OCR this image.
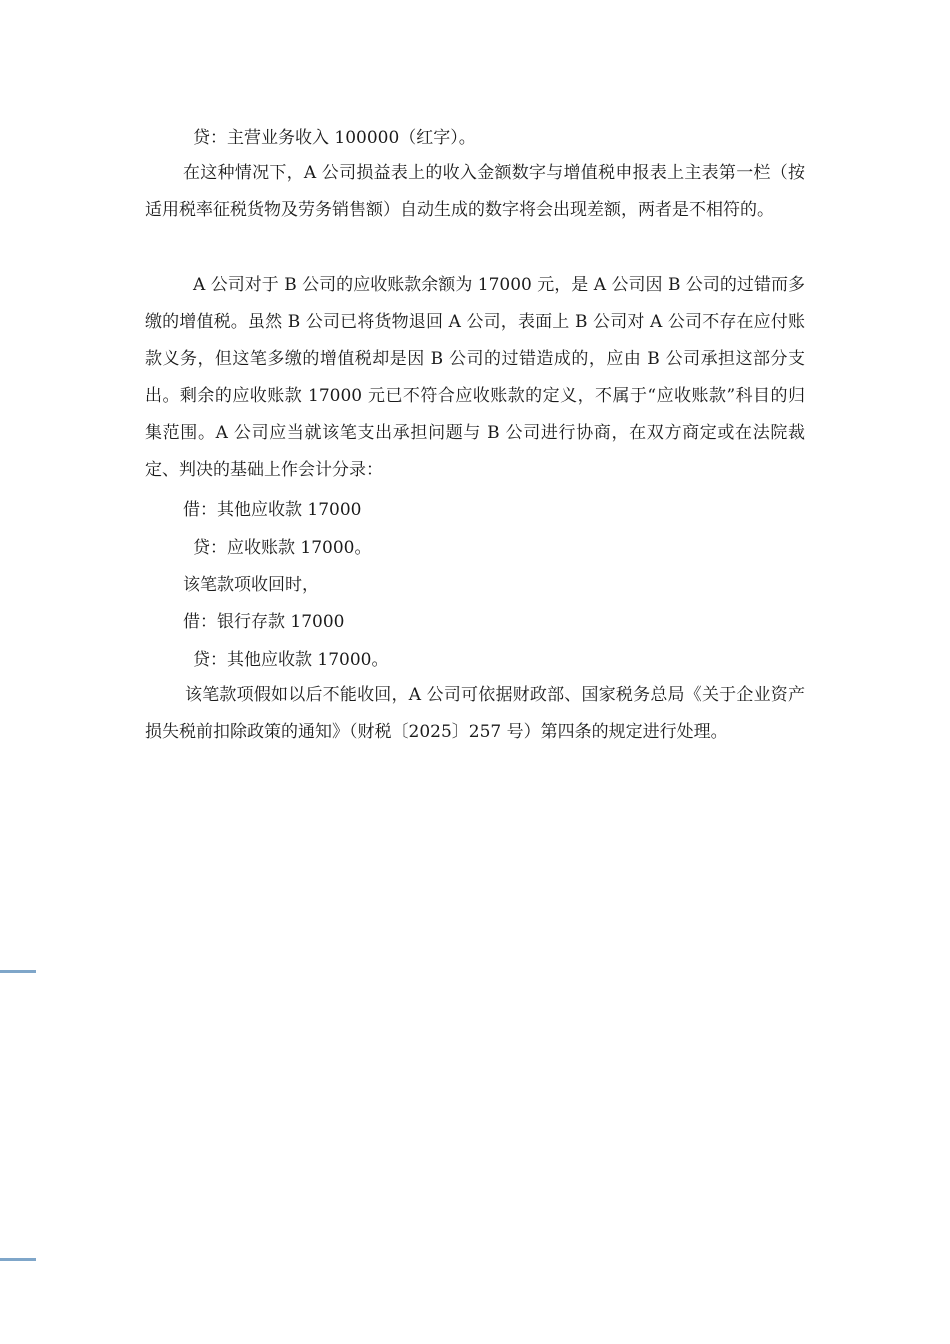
贷：主营业务收入 100000（红字）。
在这种情况下，A 公司损益表上的收入金额数字与增值税申报表上主表第一栏（按适用税率征税货物及劳务销售额）自动生成的数字将会出现差额，两者是不相符的。
A 公司对于 B 公司的应收账款余额为 17000 元，是 A 公司因 B 公司的过错而多缴的增值税。虽然 B 公司已将货物退回 A 公司，表面上 B 公司对 A 公司不存在应付账款义务，但这笔多缴的增值税却是因 B 公司的过错造成的，应由 B 公司承担这部分支出。剩余的应收账款 17000 元已不符合应收账款的定义，不属于“应收账款”科目的归集范围。A 公司应当就该笔支出承担问题与 B 公司进行协商，在双方商定或在法院裁定、判决的基础上作会计分录：
借：其他应收款 17000
贷：应收账款 17000。
该笔款项收回时，
借：银行存款 17000
贷：其他应收款 17000。
该笔款项假如以后不能收回，A 公司可依据财政部、国家税务总局《关于企业资产损失税前扣除政策的通知》（财税〔2025〕257 号）第四条的规定进行处理。
